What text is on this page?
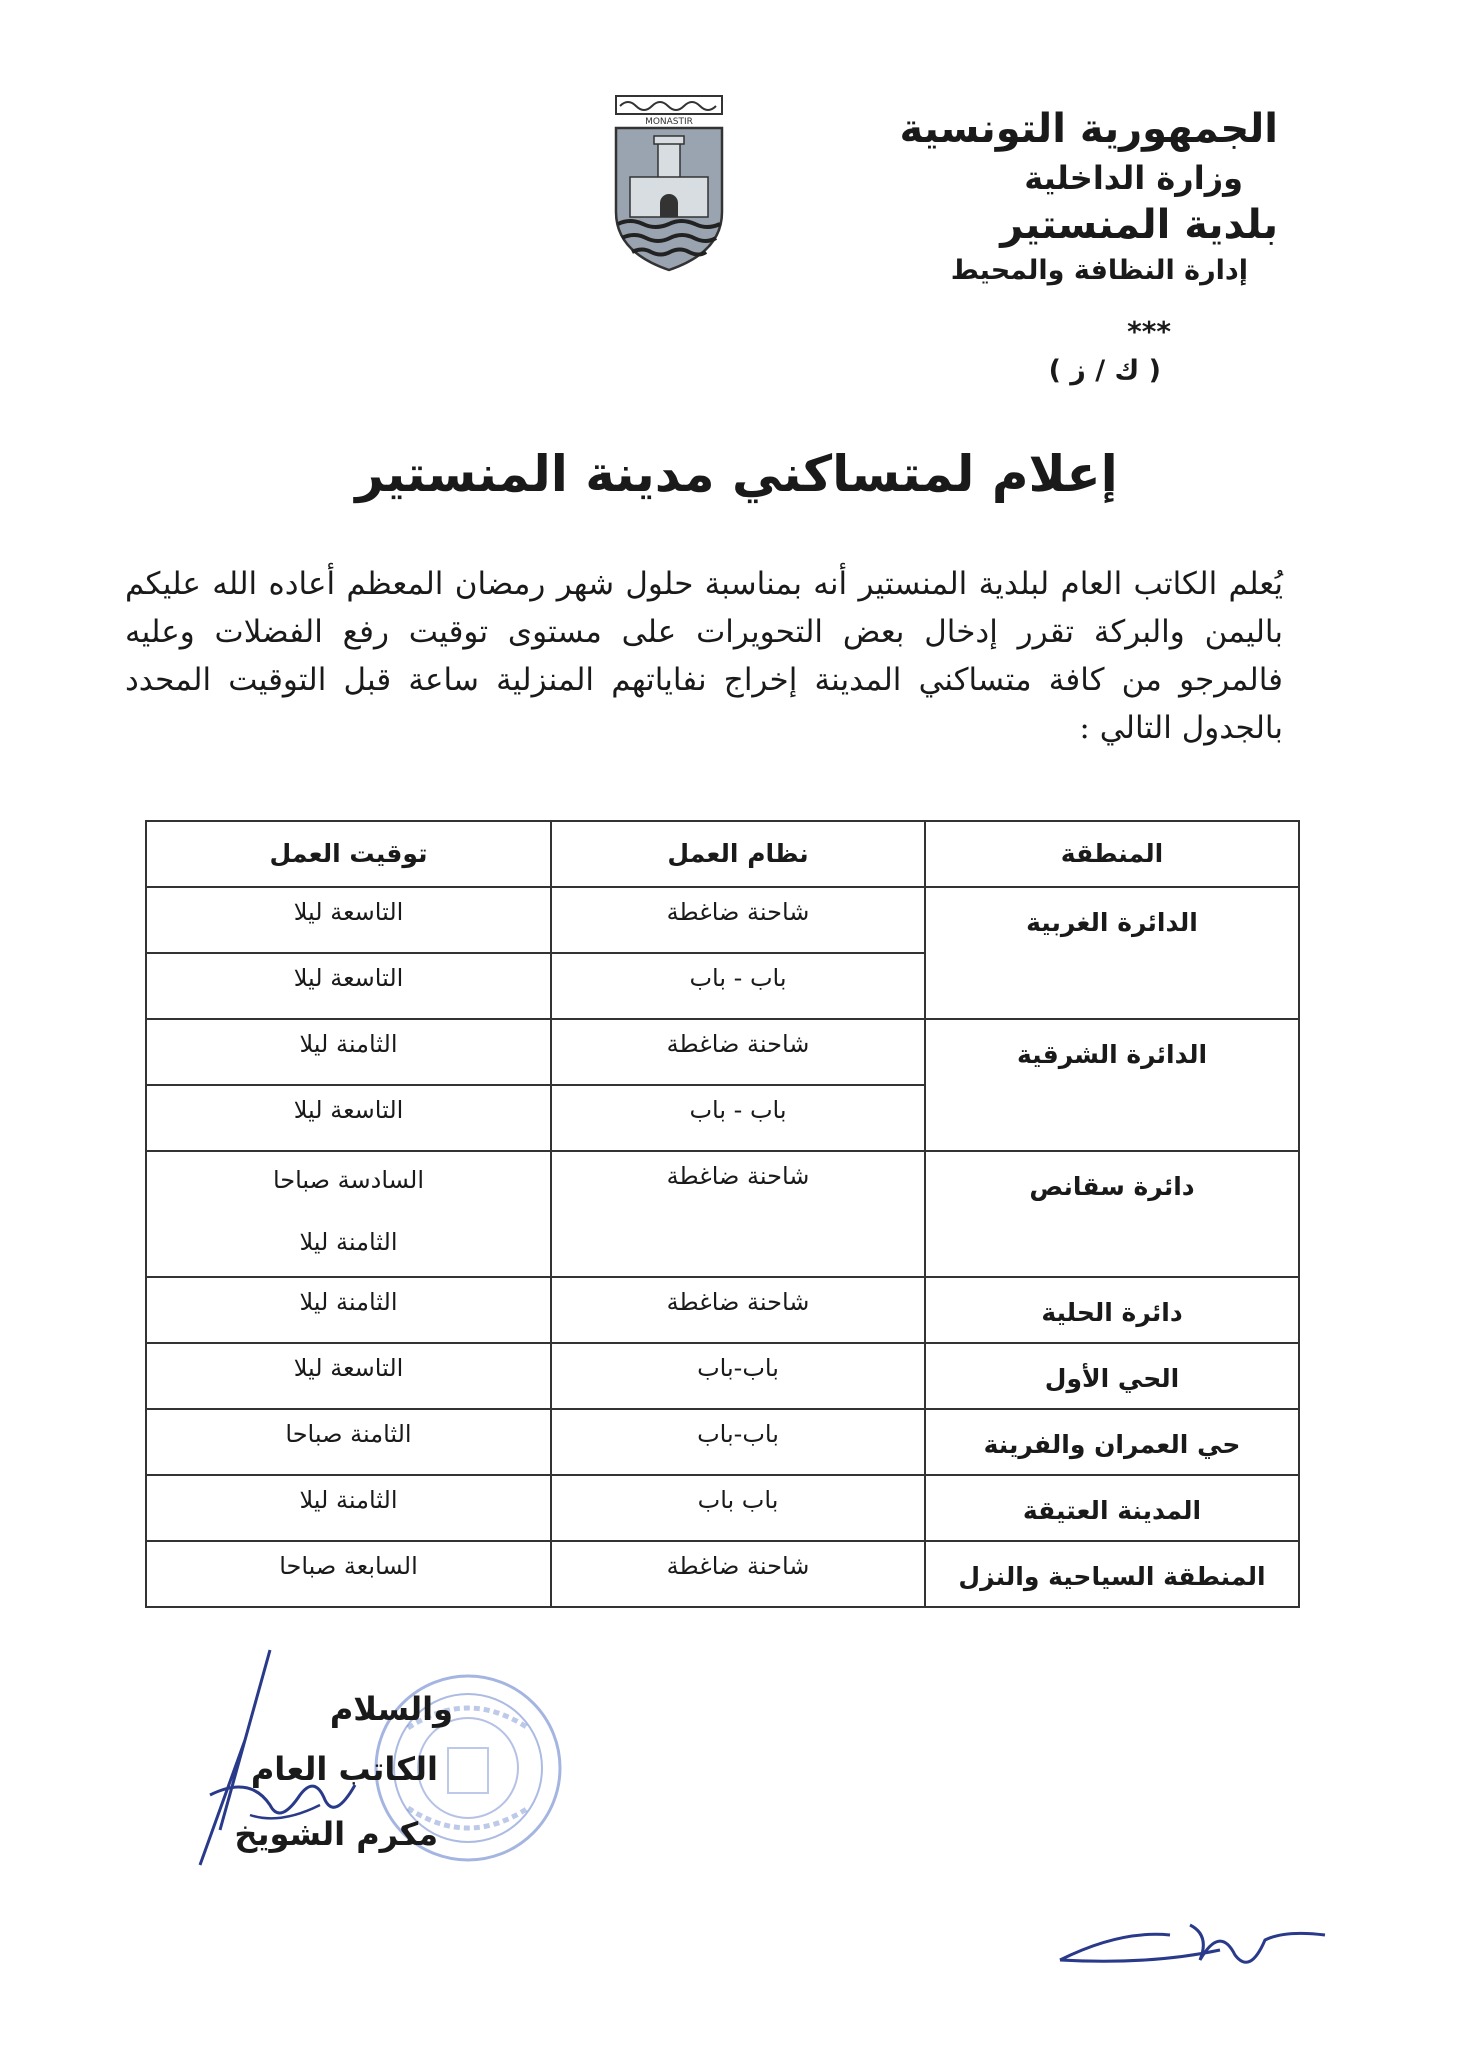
MONASTIR	الجمهورية التونسية
وزارة الداخلية
بلدية المنستير
إدارة النظافة والمحيط
***
( ك / ز )
إعلام لمتساكني مدينة المنستير
يُعلم الكاتب العام لبلدية المنستير أنه بمناسبة حلول شهر رمضان المعظم أعاده الله عليكم باليمن والبركة تقرر إدخال بعض التحويرات على مستوى توقيت رفع الفضلات وعليه فالمرجو من كافة متساكني المدينة إخراج نفاياتهم المنزلية ساعة قبل التوقيت المحدد بالجدول التالي :
المنطقة	نظام العمل	توقيت العمل
الدائرة الغربية	شاحنة ضاغطة	التاسعة ليلا
	باب - باب	التاسعة ليلا
الدائرة الشرقية	شاحنة ضاغطة	الثامنة ليلا
	باب - باب	التاسعة ليلا
دائرة سقانص	شاحنة ضاغطة	السادسة صباحا
الثامنة ليلا

دائرة الحلية	شاحنة ضاغطة	الثامنة ليلا
الحي الأول	باب-باب	التاسعة ليلا
حي العمران والفرينة	باب-باب	الثامنة صباحا
المدينة العتيقة	باب باب	الثامنة ليلا
المنطقة السياحية والنزل	شاحنة ضاغطة	السابعة صباحا
والسلام
الكاتب العام
مكرم الشويخ
